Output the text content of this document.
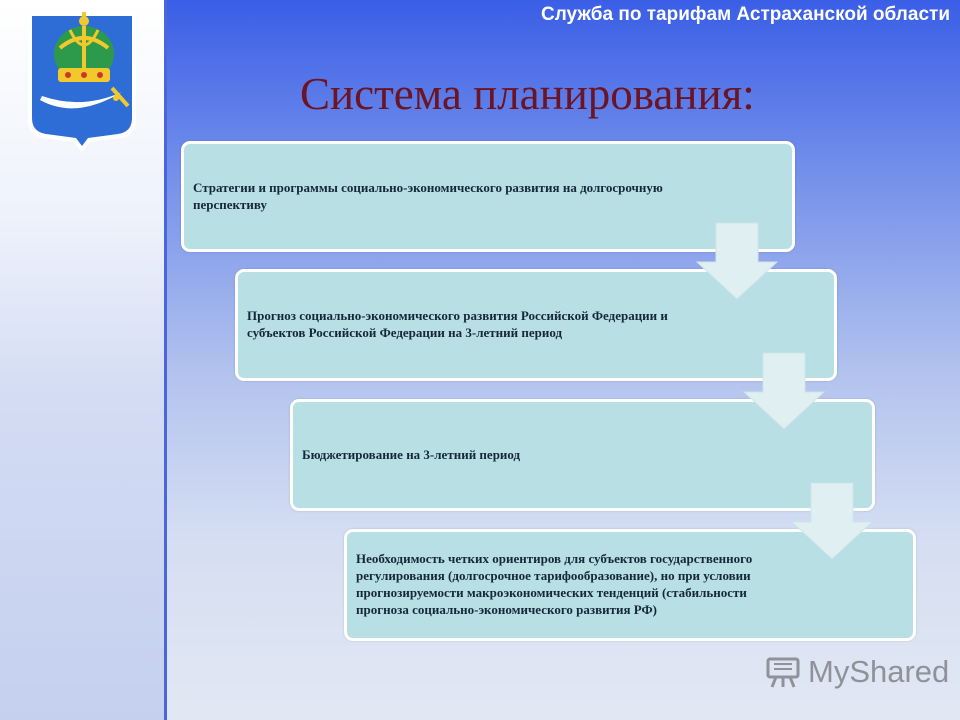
Служба по тарифам Астраханской области
Система планирования:
Стратегии и программы социально-экономического развития на долгосрочную перспективу
Прогноз социально-экономического развития Российской Федерации и субъектов Российской Федерации на 3-летний период
Бюджетирование на 3-летний период
Необходимость четких ориентиров для субъектов государственного регулирования (долгосрочное тарифообразование), но при условии прогнозируемости макроэкономических тенденций (стабильности прогноза социально-экономического развития РФ)
MyShared
